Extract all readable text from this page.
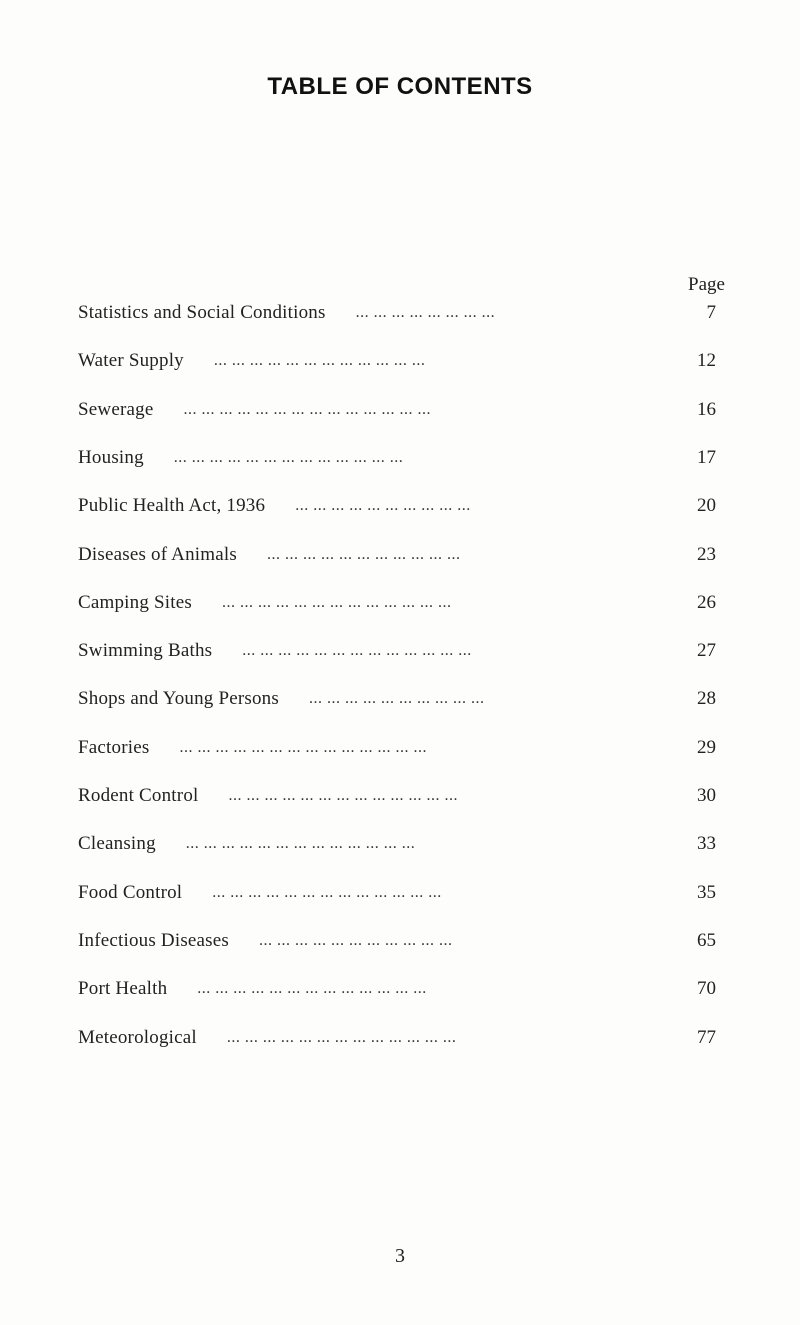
TABLE OF CONTENTS
Page
Statistics and Social Conditions ... ... ... ... ... ... ... ...	7
Water Supply ... ... ... ... ... ... ... ... ... ... ... ...	12
Sewerage ... ... ... ... ... ... ... ... ... ... ... ... ... ...	16
Housing ... ... ... ... ... ... ... ... ... ... ... ... ...	17
Public Health Act, 1936 ... ... ... ... ... ... ... ... ... ...	20
Diseases of Animals ... ... ... ... ... ... ... ... ... ... ...	23
Camping Sites ... ... ... ... ... ... ... ... ... ... ... ... ...	26
Swimming Baths ... ... ... ... ... ... ... ... ... ... ... ... ...	27
Shops and Young Persons ... ... ... ... ... ... ... ... ... ...	28
Factories ... ... ... ... ... ... ... ... ... ... ... ... ... ...	29
Rodent Control ... ... ... ... ... ... ... ... ... ... ... ... ...	30
Cleansing ... ... ... ... ... ... ... ... ... ... ... ... ...	33
Food Control ... ... ... ... ... ... ... ... ... ... ... ... ...	35
Infectious Diseases ... ... ... ... ... ... ... ... ... ... ...	65
Port Health ... ... ... ... ... ... ... ... ... ... ... ... ...	70
Meteorological ... ... ... ... ... ... ... ... ... ... ... ... ...	77
3
